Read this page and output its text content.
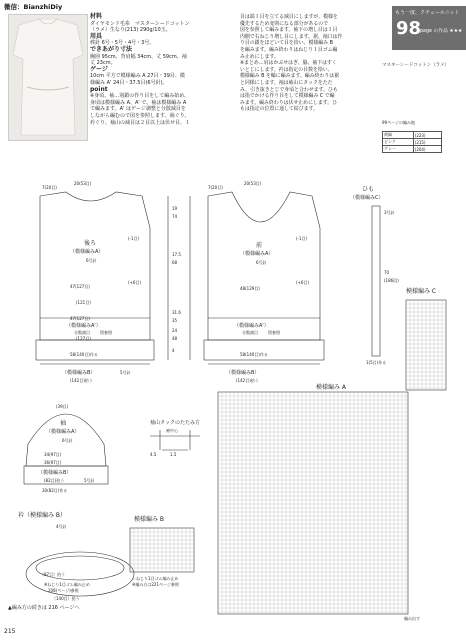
微信：BianzhiDiy
材料
ダイヤモンド毛糸　マスターシードコットン
（ラメ）生なり(213) 290g/10玉。
用具
棒針 6号・5号・4号・3号。
できあがり寸法
胸囲 95cm、背肩幅 34cm、丈 59cm、袖
丈 23cm。
ゲージ
10cm 平方で模様編み A 27目・39目、模
様編み A' 24目・37.5目(6号針)。
point
※身頃、袖…別鎖の作り目をして編み始め、
身頃は模様編み A、A' で、袖は模様編み A
で編みます。A' はゲージ調整と分散減目を
しながら編むので図を参照します。袖ぐり、
衿ぐり、袖山の減目は２目以上は伏せ目、１

目は端１目を立てる減目にしますが、模様を

優先するため変則になる部分があるので

図を参照して編みます。袖下の増し目は１目

内側で右ねじり増し目にします。裾、袖口は作

り目の鎖をほどいて目を拾い、模様編み B

を編みます。編み終わりはねじり１目ゴム編

み止めにします。

※まとめ…肩はかぶせはぎ、脇、袖下はすく

いとじにします。衿は指定の目数を拾い、

模様編み B を輪に編みます。編み終わりは裾

と同様にします。袖は袖山にタックをたた

み、引き抜きとじで身頃と合わせます。ひも

は指でかける作り目をして模様編み C で編

みます。編み終わりは伏せ止めにします。ひ

もは指定の位置に通して結びます。

もう一度、クチュールニット
98
page の作品 ★★★
マスターシードコットン（ラメ）
99ページの編み地
黄緑	(223)
ピンク	(215)
グレー	(204)
後ろ
（模様編みA）
6号針
20(53目)
7(20目)
47(127目)
(121目)
47(127目)
（模様編みA'）
分散減目	図参照
(127目)
58(140目)作る
（模様編みB）
(142目)拾う
5号針
前
（模様編みA）
6号針
20(53目)
7(20目)
48(129目)
（模様編みA'）
分散減目	図参照
58(140目)作る
（模様編みB）
(142目)拾う
19
74
17.5
68
31.6
35
24
48
4
(-1目)
(+6目)	(+6目)
(-1目)
ひも
（模様編みC）
3号針
70
(186段)
1(5目)作る
袖
（模様編みA）
6号針
(39目)
34(97目)
36(97目)
（模様編みB）
(82目)拾う	5号針
30(82目)作る
袖山タックのたたみ方
袖中心
4.5	1.5
衿（模様編み B）
4号針
※ねじり1目ゴム編み止め
208(ページ)参照
（97目）拾う
（140目）拾う
模様編み B
＝ねじり1目ゴム編み止め
※編み方は221ページ参照
模様編み C
模様編み A
編み出す
▲編み方の続きは 216 ページへ
215
